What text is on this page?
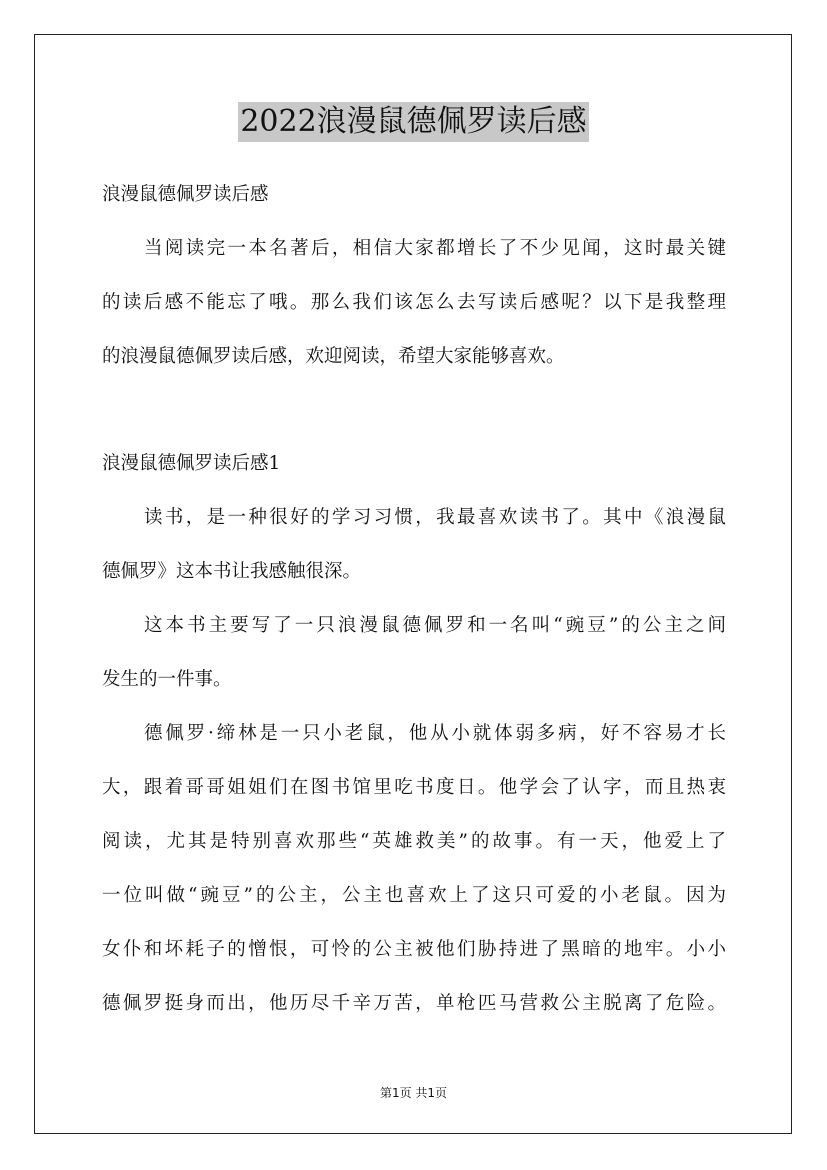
2022浪漫鼠德佩罗读后感
浪漫鼠德佩罗读后感
当阅读完一本名著后，相信大家都增长了不少见闻，这时最关键
的读后感不能忘了哦。那么我们该怎么去写读后感呢？以下是我整理
的浪漫鼠德佩罗读后感，欢迎阅读，希望大家能够喜欢。
浪漫鼠德佩罗读后感1
读书，是一种很好的学习习惯，我最喜欢读书了。其中《浪漫鼠
德佩罗》这本书让我感触很深。
这本书主要写了一只浪漫鼠德佩罗和一名叫“豌豆”的公主之间
发生的一件事。
德佩罗·缔林是一只小老鼠，他从小就体弱多病，好不容易才长
大，跟着哥哥姐姐们在图书馆里吃书度日。他学会了认字，而且热衷
阅读，尤其是特别喜欢那些“英雄救美”的故事。有一天，他爱上了
一位叫做“豌豆”的公主，公主也喜欢上了这只可爱的小老鼠。因为
女仆和坏耗子的憎恨，可怜的公主被他们胁持进了黑暗的地牢。小小
德佩罗挺身而出，他历尽千辛万苦，单枪匹马营救公主脱离了危险。
第1页 共1页
